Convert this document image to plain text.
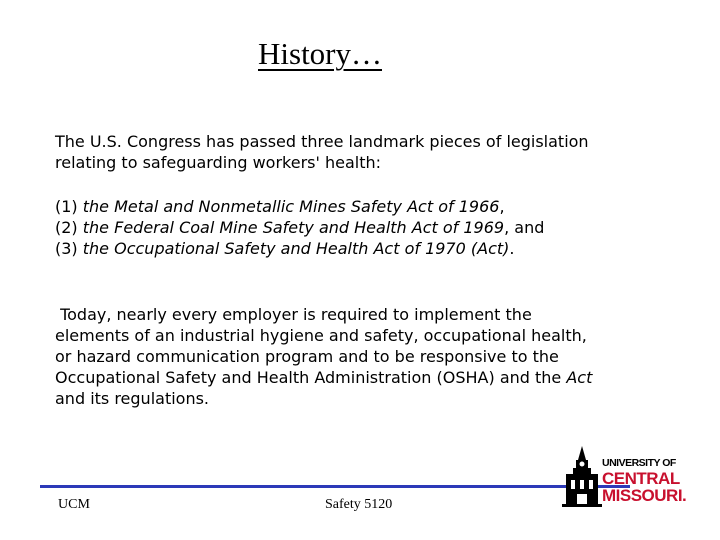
History…
The U.S. Congress has passed three landmark pieces of legislation
relating to safeguarding workers' health:
(1) the Metal and Nonmetallic Mines Safety Act of 1966,
(2) the Federal Coal Mine Safety and Health Act of 1969, and
(3) the Occupational Safety and Health Act of 1970 (Act).
Today, nearly every employer is required to implement the
elements of an industrial hygiene and safety, occupational health,
or hazard communication program and to be responsive to the
Occupational Safety and Health Administration (OSHA) and the Act
and its regulations.
UCM	Safety 5120
UNIVERSITY OF
CENTRAL
MISSOURI.
